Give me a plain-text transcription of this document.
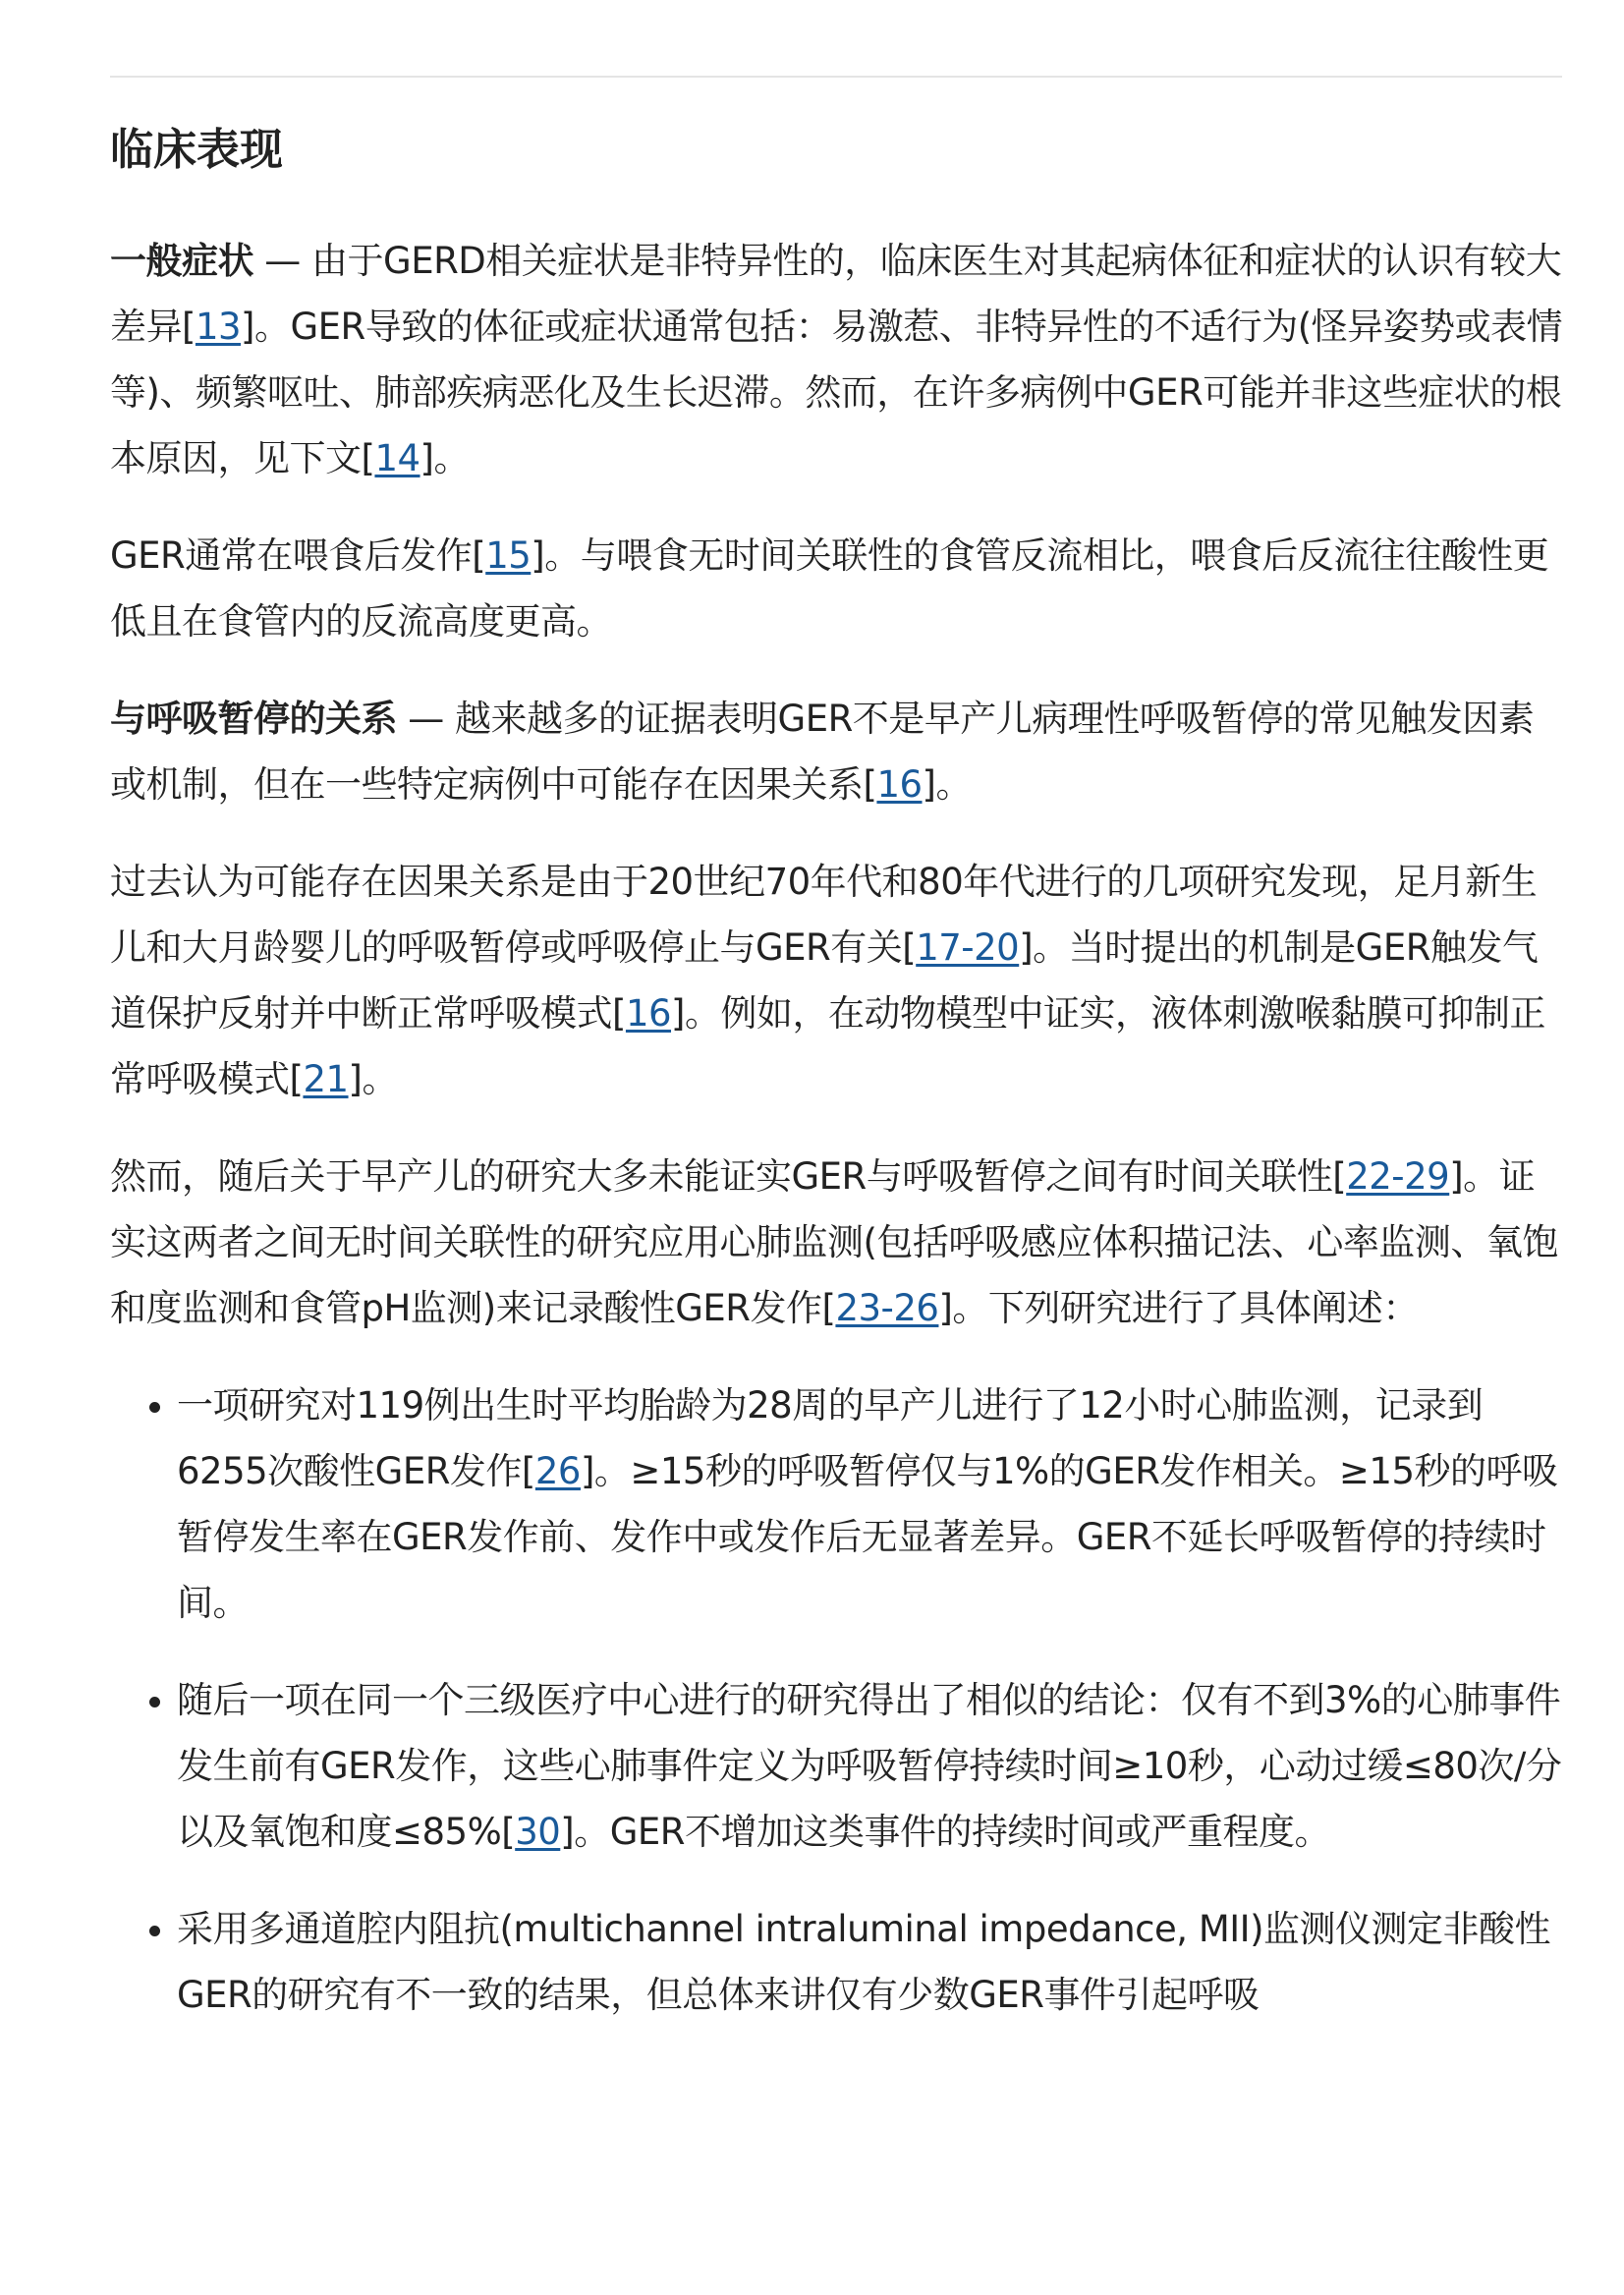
临床表现

一般症状 — 由于GERD相关症状是非特异性的，临床医生对其起病体征和症状的认识有较大差异[13]。GER导致的体征或症状通常包括：易激惹、非特异性的不适行为(怪异姿势或表情等)、频繁呕吐、肺部疾病恶化及生长迟滞。然而，在许多病例中GER可能并非这些症状的根本原因，见下文[14]。

GER通常在喂食后发作[15]。与喂食无时间关联性的食管反流相比，喂食后反流往往酸性更低且在食管内的反流高度更高。

与呼吸暂停的关系 — 越来越多的证据表明GER不是早产儿病理性呼吸暂停的常见触发因素或机制，但在一些特定病例中可能存在因果关系[16]。

过去认为可能存在因果关系是由于20世纪70年代和80年代进行的几项研究发现，足月新生儿和大月龄婴儿的呼吸暂停或呼吸停止与GER有关[17-20]。当时提出的机制是GER触发气道保护反射并中断正常呼吸模式[16]。例如，在动物模型中证实，液体刺激喉黏膜可抑制正常呼吸模式[21]。

然而，随后关于早产儿的研究大多未能证实GER与呼吸暂停之间有时间关联性[22-29]。证实这两者之间无时间关联性的研究应用心肺监测(包括呼吸感应体积描记法、心率监测、氧饱和度监测和食管pH监测)来记录酸性GER发作[23-26]。下列研究进行了具体阐述：

一项研究对119例出生时平均胎龄为28周的早产儿进行了12小时心肺监测，记录到6255次酸性GER发作[26]。≥15秒的呼吸暂停仅与1%的GER发作相关。≥15秒的呼吸暂停发生率在GER发作前、发作中或发作后无显著差异。GER不延长呼吸暂停的持续时间。
随后一项在同一个三级医疗中心进行的研究得出了相似的结论：仅有不到3%的心肺事件发生前有GER发作，这些心肺事件定义为呼吸暂停持续时间≥10秒，心动过缓≤80次/分以及氧饱和度≤85%[30]。GER不增加这类事件的持续时间或严重程度。
采用多通道腔内阻抗(multichannel intraluminal impedance, MII)监测仪测定非酸性GER的研究有不一致的结果，但总体来讲仅有少数GER事件引起呼吸
